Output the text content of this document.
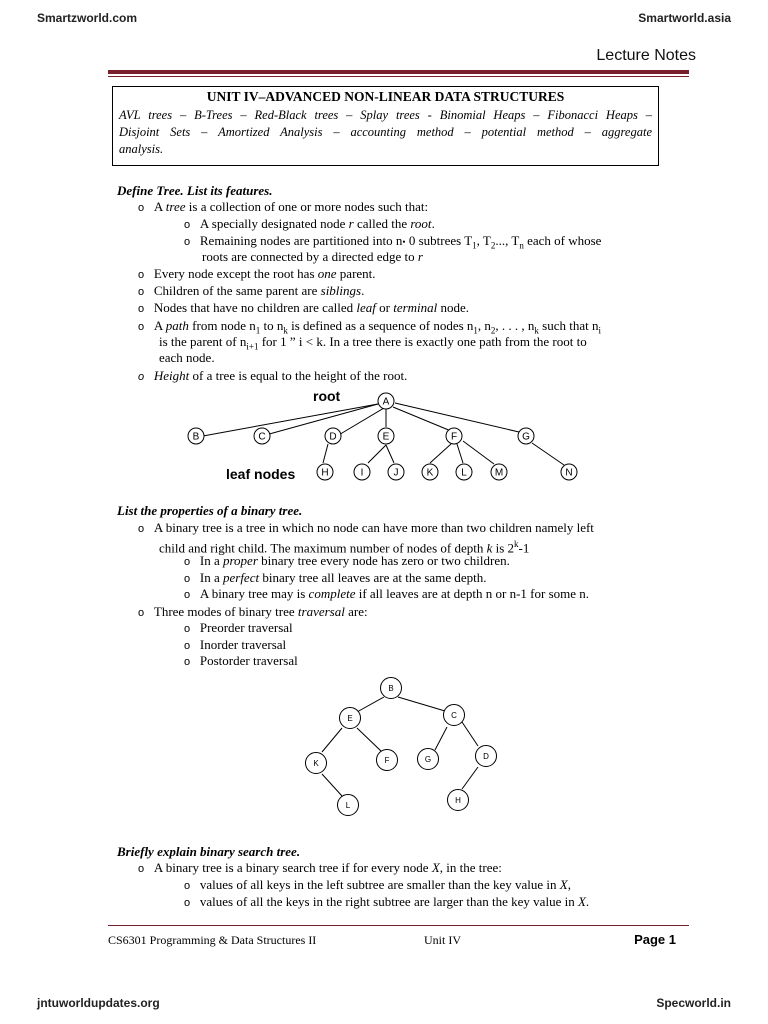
Smartzworld.com	Smartworld.asia
Lecture Notes
UNIT IV–ADVANCED NON-LINEAR DATA STRUCTURES
AVL trees – B-Trees – Red-Black trees – Splay trees - Binomial Heaps – Fibonacci Heaps –
Disjoint Sets – Amortized Analysis – accounting method – potential method – aggregate
analysis.
Define Tree. List its features.
o A tree is a collection of one or more nodes such that:
o A specially designated node r called the root.
o Remaining nodes are partitioned into n• 0 subtrees $T_1$, $T_2$..., $T_n$ each of whose
roots are connected by a directed edge to r
o Every node except the root has one parent.
o Children of the same parent are siblings.
o Nodes that have no children are called leaf or terminal node.
o A path from node $n_1$ to $n_k$ is defined as a sequence of nodes $n_1$, $n_2$, . . . , $n_k$ such that $n_i$
is the parent of $n_{i+1}$ for 1 ” i < k. In a tree there is exactly one path from the root to
each node.
o Height of a tree is equal to the height of the root.
root
leaf nodes
A
B	C	D	E	F	G
H	I	J	K	L	M	N
List the properties of a binary tree.
o A binary tree is a tree in which no node can have more than two children namely left
child and right child. The maximum number of nodes of depth k is 2$^k$-1
o In a proper binary tree every node has zero or two children.
o In a perfect binary tree all leaves are at the same depth.
o A binary tree may is complete if all leaves are at depth n or n-1 for some n.
o Three modes of binary tree traversal are:
o Preorder traversal
o Inorder traversal
o Postorder traversal
B
E	C
K	F	G	D
L
H
Briefly explain binary search tree.
o A binary tree is a binary search tree if for every node X, in the tree:
o values of all keys in the left subtree are smaller than the key value in X,
o values of all the keys in the right subtree are larger than the key value in X.
CS6301 Programming & Data Structures II	Unit IV	Page 1
jntuworldupdates.org	Specworld.in
